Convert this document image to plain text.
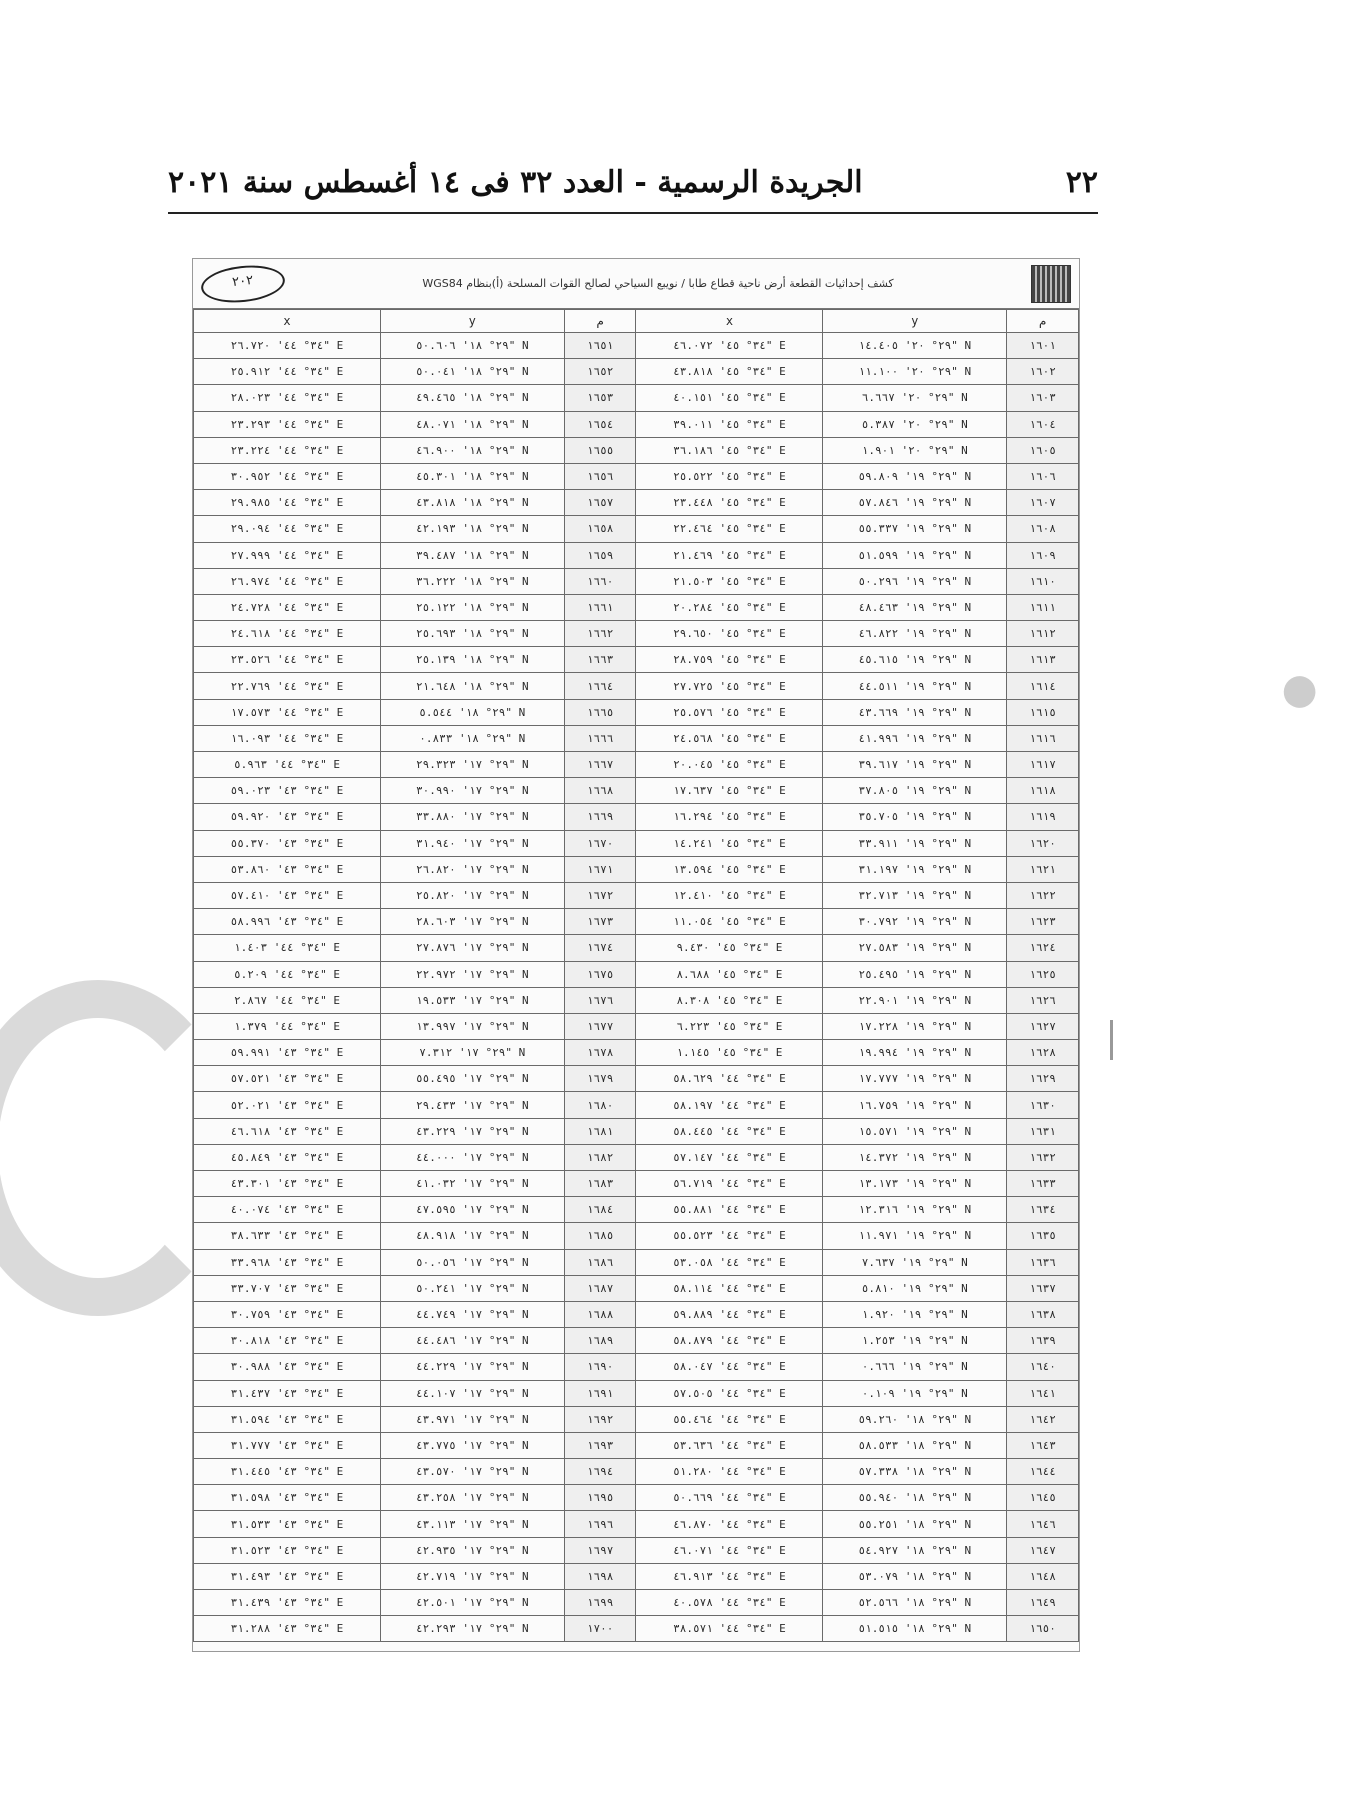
٢٢
الجريدة الرسمية - العدد ٣٢ فى ١٤ أغسطس سنة ٢٠٢١
•
كشف إحداثيات القطعة أرض ناحية قطاع طابا / نويبع السياحي لصالح القوات المسلحة (أ)بنظام WGS84
٢٠٢
x	y	م	x	y	م
٣٤° ٤٤' ٢٦.٧٢٠" E	٢٩° ١٨' ٥٠.٦٠٦" N	١٦٥١	٣٤° ٤٥' ٤٦.٠٧٢" E	٢٩° ٢٠' ١٤.٤٠٥" N	١٦٠١
٣٤° ٤٤' ٢٥.٩١٢" E	٢٩° ١٨' ٥٠.٠٤١" N	١٦٥٢	٣٤° ٤٥' ٤٣.٨١٨" E	٢٩° ٢٠' ١١.١٠٠" N	١٦٠٢
٣٤° ٤٤' ٢٨.٠٢٣" E	٢٩° ١٨' ٤٩.٤٦٥" N	١٦٥٣	٣٤° ٤٥' ٤٠.١٥١" E	٢٩° ٢٠' ٦.٦٦٧" N	١٦٠٣
٣٤° ٤٤' ٢٣.٢٩٣" E	٢٩° ١٨' ٤٨.٠٧١" N	١٦٥٤	٣٤° ٤٥' ٣٩.٠١١" E	٢٩° ٢٠' ٥.٣٨٧" N	١٦٠٤
٣٤° ٤٤' ٢٣.٢٢٤" E	٢٩° ١٨' ٤٦.٩٠٠" N	١٦٥٥	٣٤° ٤٥' ٣٦.١٨٦" E	٢٩° ٢٠' ١.٩٠١" N	١٦٠٥
٣٤° ٤٤' ٣٠.٩٥٢" E	٢٩° ١٨' ٤٥.٣٠١" N	١٦٥٦	٣٤° ٤٥' ٢٥.٥٢٢" E	٢٩° ١٩' ٥٩.٨٠٩" N	١٦٠٦
٣٤° ٤٤' ٢٩.٩٨٥" E	٢٩° ١٨' ٤٣.٨١٨" N	١٦٥٧	٣٤° ٤٥' ٢٣.٤٤٨" E	٢٩° ١٩' ٥٧.٨٤٦" N	١٦٠٧
٣٤° ٤٤' ٢٩.٠٩٤" E	٢٩° ١٨' ٤٢.١٩٣" N	١٦٥٨	٣٤° ٤٥' ٢٢.٤٦٤" E	٢٩° ١٩' ٥٥.٣٣٧" N	١٦٠٨
٣٤° ٤٤' ٢٧.٩٩٩" E	٢٩° ١٨' ٣٩.٤٨٧" N	١٦٥٩	٣٤° ٤٥' ٢١.٤٦٩" E	٢٩° ١٩' ٥١.٥٩٩" N	١٦٠٩
٣٤° ٤٤' ٢٦.٩٧٤" E	٢٩° ١٨' ٣٦.٢٢٢" N	١٦٦٠	٣٤° ٤٥' ٢١.٥٠٣" E	٢٩° ١٩' ٥٠.٢٩٦" N	١٦١٠
٣٤° ٤٤' ٢٤.٧٢٨" E	٢٩° ١٨' ٢٥.١٢٢" N	١٦٦١	٣٤° ٤٥' ٢٠.٢٨٤" E	٢٩° ١٩' ٤٨.٤٦٣" N	١٦١١
٣٤° ٤٤' ٢٤.٦١٨" E	٢٩° ١٨' ٢٥.٦٩٣" N	١٦٦٢	٣٤° ٤٥' ٢٩.٦٥٠" E	٢٩° ١٩' ٤٦.٨٢٢" N	١٦١٢
٣٤° ٤٤' ٢٣.٥٢٦" E	٢٩° ١٨' ٢٥.١٣٩" N	١٦٦٣	٣٤° ٤٥' ٢٨.٧٥٩" E	٢٩° ١٩' ٤٥.٦١٥" N	١٦١٣
٣٤° ٤٤' ٢٢.٧٦٩" E	٢٩° ١٨' ٢١.٦٤٨" N	١٦٦٤	٣٤° ٤٥' ٢٧.٧٢٥" E	٢٩° ١٩' ٤٤.٥١١" N	١٦١٤
٣٤° ٤٤' ١٧.٥٧٣" E	٢٩° ١٨' ٥.٥٤٤" N	١٦٦٥	٣٤° ٤٥' ٢٥.٥٧٦" E	٢٩° ١٩' ٤٣.٦٦٩" N	١٦١٥
٣٤° ٤٤' ١٦.٠٩٣" E	٢٩° ١٨' ٠.٨٣٣" N	١٦٦٦	٣٤° ٤٥' ٢٤.٥٦٨" E	٢٩° ١٩' ٤١.٩٩٦" N	١٦١٦
٣٤° ٤٤' ٥.٩٦٣" E	٢٩° ١٧' ٢٩.٣٢٣" N	١٦٦٧	٣٤° ٤٥' ٢٠.٠٤٥" E	٢٩° ١٩' ٣٩.٦١٧" N	١٦١٧
٣٤° ٤٣' ٥٩.٠٢٣" E	٢٩° ١٧' ٣٠.٩٩٠" N	١٦٦٨	٣٤° ٤٥' ١٧.٦٣٧" E	٢٩° ١٩' ٣٧.٨٠٥" N	١٦١٨
٣٤° ٤٣' ٥٩.٩٢٠" E	٢٩° ١٧' ٣٣.٨٨٠" N	١٦٦٩	٣٤° ٤٥' ١٦.٢٩٤" E	٢٩° ١٩' ٣٥.٧٠٥" N	١٦١٩
٣٤° ٤٣' ٥٥.٣٧٠" E	٢٩° ١٧' ٣١.٩٤٠" N	١٦٧٠	٣٤° ٤٥' ١٤.٢٤١" E	٢٩° ١٩' ٣٣.٩١١" N	١٦٢٠
٣٤° ٤٣' ٥٣.٨٦٠" E	٢٩° ١٧' ٢٦.٨٢٠" N	١٦٧١	٣٤° ٤٥' ١٣.٥٩٤" E	٢٩° ١٩' ٣١.١٩٧" N	١٦٢١
٣٤° ٤٣' ٥٧.٤١٠" E	٢٩° ١٧' ٢٥.٨٢٠" N	١٦٧٢	٣٤° ٤٥' ١٢.٤١٠" E	٢٩° ١٩' ٣٢.٧١٣" N	١٦٢٢
٣٤° ٤٣' ٥٨.٩٩٦" E	٢٩° ١٧' ٢٨.٦٠٣" N	١٦٧٣	٣٤° ٤٥' ١١.٠٥٤" E	٢٩° ١٩' ٣٠.٧٩٢" N	١٦٢٣
٣٤° ٤٤' ١.٤٠٣" E	٢٩° ١٧' ٢٧.٨٧٦" N	١٦٧٤	٣٤° ٤٥' ٩.٤٣٠" E	٢٩° ١٩' ٢٧.٥٨٣" N	١٦٢٤
٣٤° ٤٤' ٥.٢٠٩" E	٢٩° ١٧' ٢٢.٩٧٢" N	١٦٧٥	٣٤° ٤٥' ٨.٦٨٨" E	٢٩° ١٩' ٢٥.٤٩٥" N	١٦٢٥
٣٤° ٤٤' ٢.٨٦٧" E	٢٩° ١٧' ١٩.٥٣٣" N	١٦٧٦	٣٤° ٤٥' ٨.٣٠٨" E	٢٩° ١٩' ٢٢.٩٠١" N	١٦٢٦
٣٤° ٤٤' ١.٣٧٩" E	٢٩° ١٧' ١٣.٩٩٧" N	١٦٧٧	٣٤° ٤٥' ٦.٢٢٣" E	٢٩° ١٩' ١٧.٢٢٨" N	١٦٢٧
٣٤° ٤٣' ٥٩.٩٩١" E	٢٩° ١٧' ٧.٣١٢" N	١٦٧٨	٣٤° ٤٥' ١.١٤٥" E	٢٩° ١٩' ١٩.٩٩٤" N	١٦٢٨
٣٤° ٤٣' ٥٧.٥٢١" E	٢٩° ١٧' ٥٥.٤٩٥" N	١٦٧٩	٣٤° ٤٤' ٥٨.٦٢٩" E	٢٩° ١٩' ١٧.٧٧٧" N	١٦٢٩
٣٤° ٤٣' ٥٢.٠٢١" E	٢٩° ١٧' ٢٩.٤٣٣" N	١٦٨٠	٣٤° ٤٤' ٥٨.١٩٧" E	٢٩° ١٩' ١٦.٧٥٩" N	١٦٣٠
٣٤° ٤٣' ٤٦.٦١٨" E	٢٩° ١٧' ٤٣.٢٢٩" N	١٦٨١	٣٤° ٤٤' ٥٨.٤٤٥" E	٢٩° ١٩' ١٥.٥٧١" N	١٦٣١
٣٤° ٤٣' ٤٥.٨٤٩" E	٢٩° ١٧' ٤٤.٠٠٠" N	١٦٨٢	٣٤° ٤٤' ٥٧.١٤٧" E	٢٩° ١٩' ١٤.٣٧٢" N	١٦٣٢
٣٤° ٤٣' ٤٣.٣٠١" E	٢٩° ١٧' ٤١.٠٣٢" N	١٦٨٣	٣٤° ٤٤' ٥٦.٧١٩" E	٢٩° ١٩' ١٣.١٧٣" N	١٦٣٣
٣٤° ٤٣' ٤٠.٠٧٤" E	٢٩° ١٧' ٤٧.٥٩٥" N	١٦٨٤	٣٤° ٤٤' ٥٥.٨٨١" E	٢٩° ١٩' ١٢.٣١٦" N	١٦٣٤
٣٤° ٤٣' ٣٨.٦٣٣" E	٢٩° ١٧' ٤٨.٩١٨" N	١٦٨٥	٣٤° ٤٤' ٥٥.٥٢٣" E	٢٩° ١٩' ١١.٩٧١" N	١٦٣٥
٣٤° ٤٣' ٣٣.٩٦٨" E	٢٩° ١٧' ٥٠.٠٥٦" N	١٦٨٦	٣٤° ٤٤' ٥٣.٠٥٨" E	٢٩° ١٩' ٧.٦٣٧" N	١٦٣٦
٣٤° ٤٣' ٣٣.٧٠٧" E	٢٩° ١٧' ٥٠.٢٤١" N	١٦٨٧	٣٤° ٤٤' ٥٨.١١٤" E	٢٩° ١٩' ٥.٨١٠" N	١٦٣٧
٣٤° ٤٣' ٣٠.٧٥٩" E	٢٩° ١٧' ٤٤.٧٤٩" N	١٦٨٨	٣٤° ٤٤' ٥٩.٨٨٩" E	٢٩° ١٩' ١.٩٢٠" N	١٦٣٨
٣٤° ٤٣' ٣٠.٨١٨" E	٢٩° ١٧' ٤٤.٤٨٦" N	١٦٨٩	٣٤° ٤٤' ٥٨.٨٧٩" E	٢٩° ١٩' ١.٢٥٣" N	١٦٣٩
٣٤° ٤٣' ٣٠.٩٨٨" E	٢٩° ١٧' ٤٤.٢٢٩" N	١٦٩٠	٣٤° ٤٤' ٥٨.٠٤٧" E	٢٩° ١٩' ٠.٦٦٦" N	١٦٤٠
٣٤° ٤٣' ٣١.٤٣٧" E	٢٩° ١٧' ٤٤.١٠٧" N	١٦٩١	٣٤° ٤٤' ٥٧.٥٠٥" E	٢٩° ١٩' ٠.١٠٩" N	١٦٤١
٣٤° ٤٣' ٣١.٥٩٤" E	٢٩° ١٧' ٤٣.٩٧١" N	١٦٩٢	٣٤° ٤٤' ٥٥.٤٦٤" E	٢٩° ١٨' ٥٩.٢٦٠" N	١٦٤٢
٣٤° ٤٣' ٣١.٧٧٧" E	٢٩° ١٧' ٤٣.٧٧٥" N	١٦٩٣	٣٤° ٤٤' ٥٣.٦٣٦" E	٢٩° ١٨' ٥٨.٥٣٣" N	١٦٤٣
٣٤° ٤٣' ٣١.٤٤٥" E	٢٩° ١٧' ٤٣.٥٧٠" N	١٦٩٤	٣٤° ٤٤' ٥١.٢٨٠" E	٢٩° ١٨' ٥٧.٣٣٨" N	١٦٤٤
٣٤° ٤٣' ٣١.٥٩٨" E	٢٩° ١٧' ٤٣.٢٥٨" N	١٦٩٥	٣٤° ٤٤' ٥٠.٦٦٩" E	٢٩° ١٨' ٥٥.٩٤٠" N	١٦٤٥
٣٤° ٤٣' ٣١.٥٣٣" E	٢٩° ١٧' ٤٣.١١٣" N	١٦٩٦	٣٤° ٤٤' ٤٦.٨٧٠" E	٢٩° ١٨' ٥٥.٢٥١" N	١٦٤٦
٣٤° ٤٣' ٣١.٥٢٣" E	٢٩° ١٧' ٤٢.٩٣٥" N	١٦٩٧	٣٤° ٤٤' ٤٦.٠٧١" E	٢٩° ١٨' ٥٤.٩٢٧" N	١٦٤٧
٣٤° ٤٣' ٣١.٤٩٣" E	٢٩° ١٧' ٤٢.٧١٩" N	١٦٩٨	٣٤° ٤٤' ٤٦.٩١٣" E	٢٩° ١٨' ٥٣.٠٧٩" N	١٦٤٨
٣٤° ٤٣' ٣١.٤٣٩" E	٢٩° ١٧' ٤٢.٥٠١" N	١٦٩٩	٣٤° ٤٤' ٤٠.٥٧٨" E	٢٩° ١٨' ٥٢.٥٦٦" N	١٦٤٩
٣٤° ٤٣' ٣١.٢٨٨" E	٢٩° ١٧' ٤٢.٢٩٣" N	١٧٠٠	٣٤° ٤٤' ٣٨.٥٧١" E	٢٩° ١٨' ٥١.٥١٥" N	١٦٥٠
